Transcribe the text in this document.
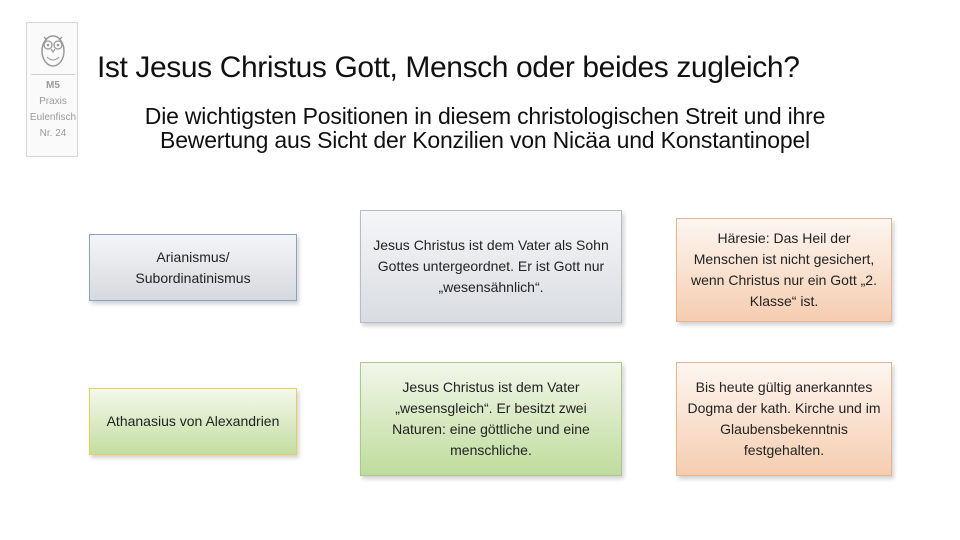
M5
Praxis
Eulenfisch
Nr. 24
Ist Jesus Christus Gott, Mensch oder beides zugleich?
Die wichtigsten Positionen in diesem christologischen Streit und ihre Bewertung aus Sicht der Konzilien von Nicäa und Konstantinopel
Arianismus/ Subordinatinismus
Jesus Christus ist dem Vater als Sohn Gottes untergeordnet. Er ist Gott nur „wesensähnlich“.
Häresie: Das Heil der Menschen ist nicht gesichert, wenn Christus nur ein Gott „2. Klasse“ ist.
Athanasius von Alexandrien
Jesus Christus ist dem Vater „wesensgleich“. Er besitzt zwei Naturen: eine göttliche und eine menschliche.
Bis heute gültig anerkanntes Dogma der kath. Kirche und im Glaubensbekenntnis festgehalten.
